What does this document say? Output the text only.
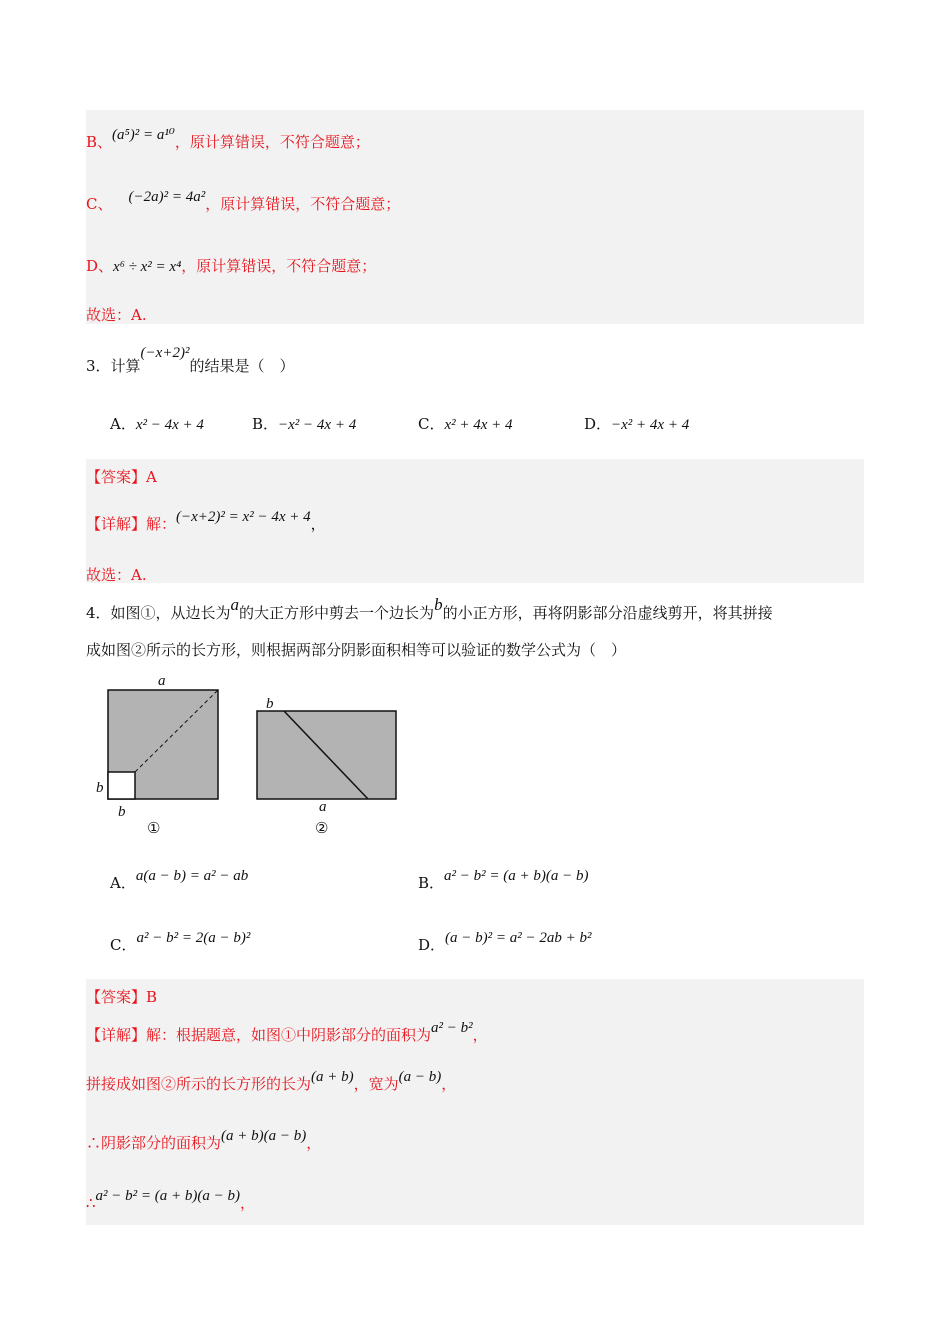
B、(a⁵)² = a¹⁰，原计算错误，不符合题意；
C、 (−2a)² = 4a²，原计算错误，不符合题意；
D、x⁶ ÷ x² = x⁴，原计算错误，不符合题意；
故选：A.
3．计算(−x+2)²的结果是（　）
A．x² − 4x + 4	B．−x² − 4x + 4	C．x² + 4x + 4	D．−x² + 4x + 4
【答案】A
【详解】解：(−x+2)² = x² − 4x + 4，
故选：A.
4．如图①，从边长为a的大正方形中剪去一个边长为b的小正方形，再将阴影部分沿虚线剪开，将其拼接
成如图②所示的长方形，则根据两部分阴影面积相等可以验证的数学公式为（　）
a
b
b
①
b
a
②
A．a(a − b) = a² − ab	B．a² − b² = (a + b)(a − b)
C．a² − b² = 2(a − b)²	D．(a − b)² = a² − 2ab + b²
【答案】B
【详解】解：根据题意，如图①中阴影部分的面积为a² − b²，
拼接成如图②所示的长方形的长为(a + b)，宽为(a − b)，
∴阴影部分的面积为(a + b)(a − b)，
∴a² − b² = (a + b)(a − b)，
